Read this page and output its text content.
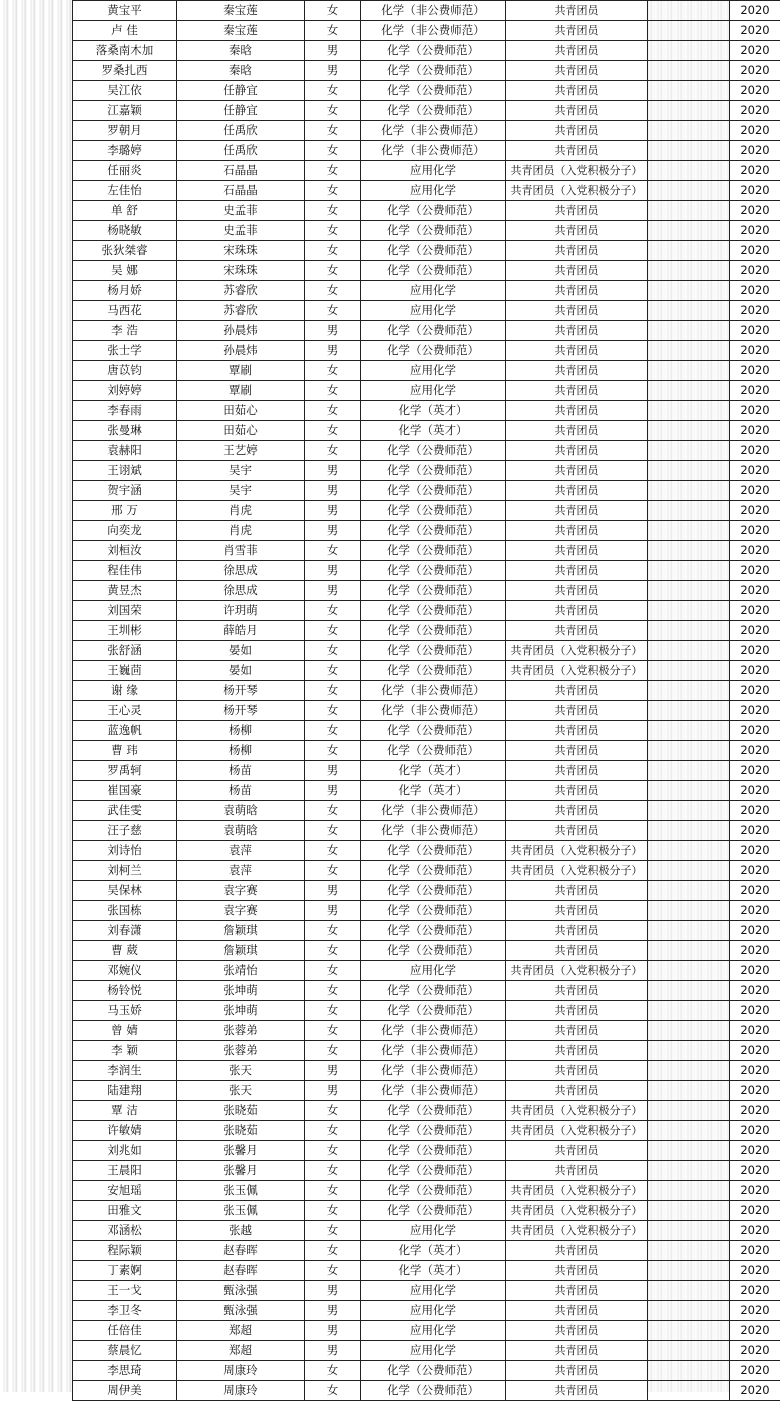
黄宝平	秦宝莲	女	化学（非公费师范）	共青团员		2020
卢 佳	秦宝莲	女	化学（非公费师范）	共青团员		2020
落桑南木加	秦晗	男	化学（公费师范）	共青团员		2020
罗桑扎西	秦晗	男	化学（公费师范）	共青团员		2020
吴江依	任静宜	女	化学（公费师范）	共青团员		2020
江嘉颖	任静宜	女	化学（公费师范）	共青团员		2020
罗朝月	任禹欣	女	化学（非公费师范）	共青团员		2020
李璐婷	任禹欣	女	化学（非公费师范）	共青团员		2020
任丽炎	石晶晶	女	应用化学	共青团员（入党积极分子）		2020
左佳怡	石晶晶	女	应用化学	共青团员（入党积极分子）		2020
单 舒	史孟菲	女	化学（公费师范）	共青团员		2020
杨晓敏	史孟菲	女	化学（公费师范）	共青团员		2020
张狄桀睿	宋珠珠	女	化学（公费师范）	共青团员		2020
吴 娜	宋珠珠	女	化学（公费师范）	共青团员		2020
杨月娇	苏睿欣	女	应用化学	共青团员		2020
马西花	苏睿欣	女	应用化学	共青团员		2020
李 浩	孙晨炜	男	化学（公费师范）	共青团员		2020
张士学	孙晨炜	男	化学（公费师范）	共青团员		2020
唐苡钧	覃刷	女	应用化学	共青团员		2020
刘婷婷	覃刷	女	应用化学	共青团员		2020
李春雨	田茹心	女	化学（英才）	共青团员		2020
张曼琳	田茹心	女	化学（英才）	共青团员		2020
袁赫阳	王艺婷	女	化学（公费师范）	共青团员		2020
王诩斌	吴宇	男	化学（公费师范）	共青团员		2020
贺宇涵	吴宇	男	化学（公费师范）	共青团员		2020
邢 万	肖虎	男	化学（公费师范）	共青团员		2020
向奕龙	肖虎	男	化学（公费师范）	共青团员		2020
刘桓汝	肖雪菲	女	化学（公费师范）	共青团员		2020
程佳伟	徐思成	男	化学（公费师范）	共青团员		2020
黄昱杰	徐思成	男	化学（公费师范）	共青团员		2020
刘国荣	许玥萌	女	化学（公费师范）	共青团员		2020
王圳彬	薛皓月	女	化学（公费师范）	共青团员		2020
张舒涵	晏如	女	化学（公费师范）	共青团员（入党积极分子）		2020
王巍茴	晏如	女	化学（公费师范）	共青团员（入党积极分子）		2020
谢 缘	杨开琴	女	化学（非公费师范）	共青团员		2020
王心灵	杨开琴	女	化学（非公费师范）	共青团员		2020
蓝逸帆	杨柳	女	化学（公费师范）	共青团员		2020
曹 玮	杨柳	女	化学（公费师范）	共青团员		2020
罗禹轲	杨苗	男	化学（英才）	共青团员		2020
崔国豪	杨苗	男	化学（英才）	共青团员		2020
武佳雯	袁萌晗	女	化学（非公费师范）	共青团员		2020
汪子慈	袁萌晗	女	化学（非公费师范）	共青团员		2020
刘诗怡	袁萍	女	化学（公费师范）	共青团员（入党积极分子）		2020
刘柯兰	袁萍	女	化学（公费师范）	共青团员（入党积极分子）		2020
吴保林	袁字赛	男	化学（公费师范）	共青团员		2020
张国栋	袁字赛	男	化学（公费师范）	共青团员		2020
刘春潇	詹颖琪	女	化学（公费师范）	共青团员		2020
曹 葳	詹颖琪	女	化学（公费师范）	共青团员		2020
邓婉仪	张靖怡	女	应用化学	共青团员（入党积极分子）		2020
杨铃悦	张坤萌	女	化学（公费师范）	共青团员		2020
马玉娇	张坤萌	女	化学（公费师范）	共青团员		2020
曾 婧	张蓉弟	女	化学（非公费师范）	共青团员		2020
李 颖	张蓉弟	女	化学（非公费师范）	共青团员		2020
李润生	张天	男	化学（非公费师范）	共青团员		2020
陆建翔	张天	男	化学（非公费师范）	共青团员		2020
覃 洁	张晓茹	女	化学（公费师范）	共青团员（入党积极分子）		2020
许敏婧	张晓茹	女	化学（公费师范）	共青团员（入党积极分子）		2020
刘兆如	张馨月	女	化学（公费师范）	共青团员		2020
王晨阳	张馨月	女	化学（公费师范）	共青团员		2020
安旭瑶	张玉佩	女	化学（公费师范）	共青团员（入党积极分子）		2020
田雅文	张玉佩	女	化学（公费师范）	共青团员（入党积极分子）		2020
邓涵松	张越	女	应用化学	共青团员（入党积极分子）		2020
程际颖	赵春晖	女	化学（英才）	共青团员		2020
丁素婀	赵春晖	女	化学（英才）	共青团员		2020
王一戈	甄泳强	男	应用化学	共青团员		2020
李卫冬	甄泳强	男	应用化学	共青团员		2020
任倍佳	郑超	男	应用化学	共青团员		2020
蔡晨忆	郑超	男	应用化学	共青团员		2020
李思琦	周康玲	女	化学（公费师范）	共青团员		2020
周伊美	周康玲	女	化学（公费师范）	共青团员		2020
